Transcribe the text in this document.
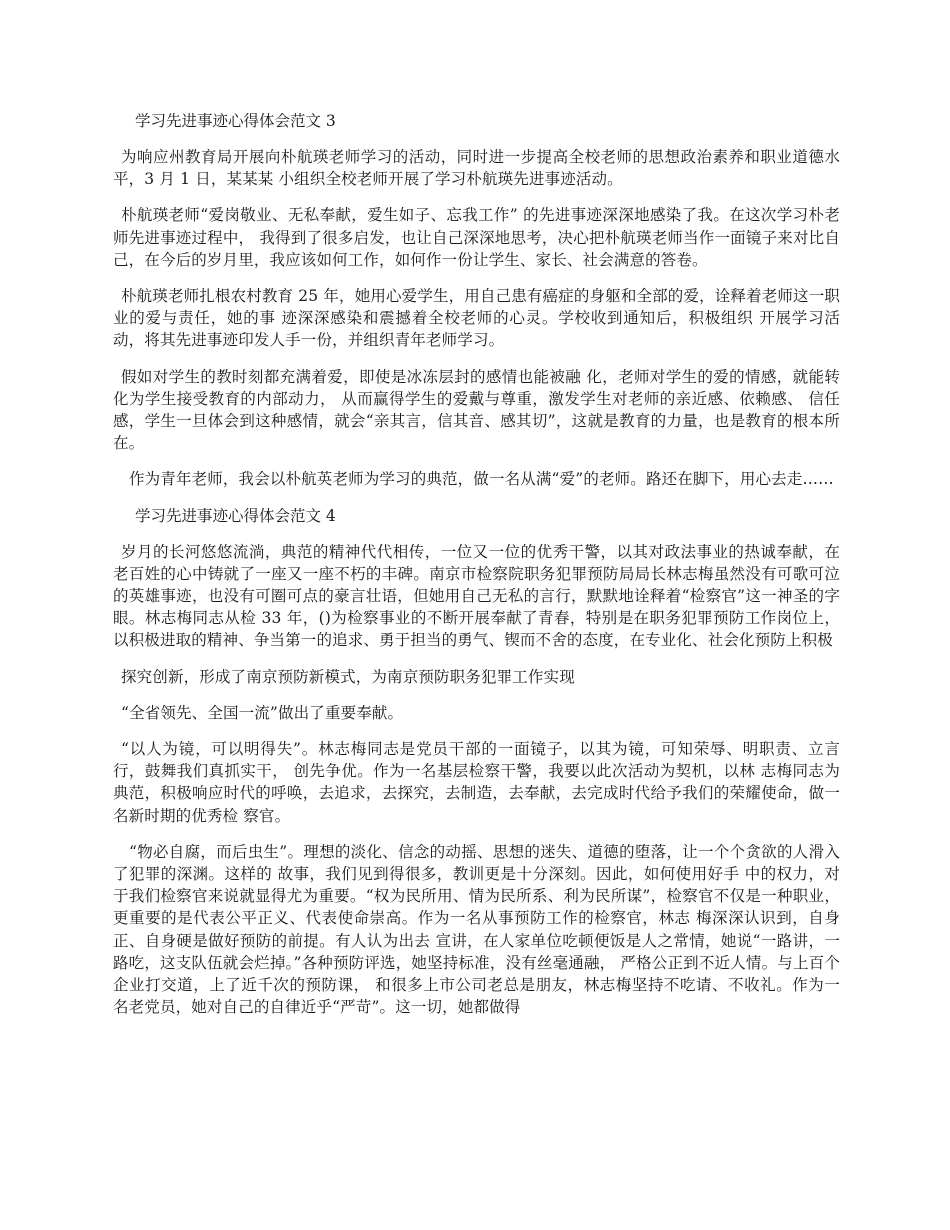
学习先进事迹心得体会范文 3

为响应州教育局开展向朴航瑛老师学习的活动，同时进一步提高全校老师的思想政治素养和职业道德水平，3 月 1 日，某某某 小组织全校老师开展了学习朴航瑛先进事迹活动。

朴航瑛老师“爱岗敬业、无私奉献，爱生如子、忘我工作” 的先进事迹深深地感染了我。在这次学习朴老师先进事迹过程中， 我得到了很多启发，也让自己深深地思考，决心把朴航瑛老师当作一面镜子来对比自己，在今后的岁月里，我应该如何工作，如何作一份让学生、家长、社会满意的答卷。

朴航瑛老师扎根农村教育 25 年，她用心爱学生，用自己患有癌症的身躯和全部的爱，诠释着老师这一职业的爱与责任，她的事 迹深深感染和震撼着全校老师的心灵。学校收到通知后，积极组织 开展学习活动，将其先进事迹印发人手一份，并组织青年老师学习。

假如对学生的教时刻都充满着爱，即使是冰冻层封的感情也能被融 化，老师对学生的爱的情感，就能转化为学生接受教育的内部动力， 从而赢得学生的爱戴与尊重，激发学生对老师的亲近感、依赖感、 信任感，学生一旦体会到这种感情，就会“亲其言，信其音、感其切”，这就是教育的力量，也是教育的根本所在。

作为青年老师，我会以朴航英老师为学习的典范，做一名从满“爱”的老师。路还在脚下，用心去走……

学习先进事迹心得体会范文 4

岁月的长河悠悠流淌，典范的精神代代相传，一位又一位的优秀干警，以其对政法事业的热诚奉献，在老百姓的心中铸就了一座又一座不朽的丰碑。南京市检察院职务犯罪预防局局长林志梅虽然没有可歌可泣的英雄事迹，也没有可圈可点的豪言壮语，但她用自己无私的言行，默默地诠释着“检察官”这一神圣的字眼。林志梅同志从检 33 年，()为检察事业的不断开展奉献了青春，特别是在职务犯罪预防工作岗位上，以积极进取的精神、争当第一的追求、勇于担当的勇气、锲而不舍的态度，在专业化、社会化预防上积极

探究创新，形成了南京预防新模式，为南京预防职务犯罪工作实现

“全省领先、全国一流”做出了重要奉献。

“以人为镜，可以明得失”。林志梅同志是党员干部的一面镜子，以其为镜，可知荣辱、明职责、立言行，鼓舞我们真抓实干， 创先争优。作为一名基层检察干警，我要以此次活动为契机，以林 志梅同志为典范，积极响应时代的呼唤，去追求，去探究，去制造，去奉献，去完成时代给予我们的荣耀使命，做一名新时期的优秀检 察官。

“物必自腐，而后虫生”。理想的淡化、信念的动摇、思想的迷失、道德的堕落，让一个个贪欲的人滑入了犯罪的深渊。这样的 故事，我们见到得很多，教训更是十分深刻。因此，如何使用好手 中的权力，对于我们检察官来说就显得尤为重要。“权为民所用、情为民所系、利为民所谋”，检察官不仅是一种职业，更重要的是代表公平正义、代表使命崇高。作为一名从事预防工作的检察官，林志 梅深深认识到，自身正、自身硬是做好预防的前提。有人认为出去 宣讲，在人家单位吃顿便饭是人之常情，她说“一路讲，一路吃，这支队伍就会烂掉。”各种预防评选，她坚持标准，没有丝毫通融， 严格公正到不近人情。与上百个企业打交道，上了近千次的预防课， 和很多上市公司老总是朋友，林志梅坚持不吃请、不收礼。作为一 名老党员，她对自己的自律近乎“严苛”。这一切，她都做得
